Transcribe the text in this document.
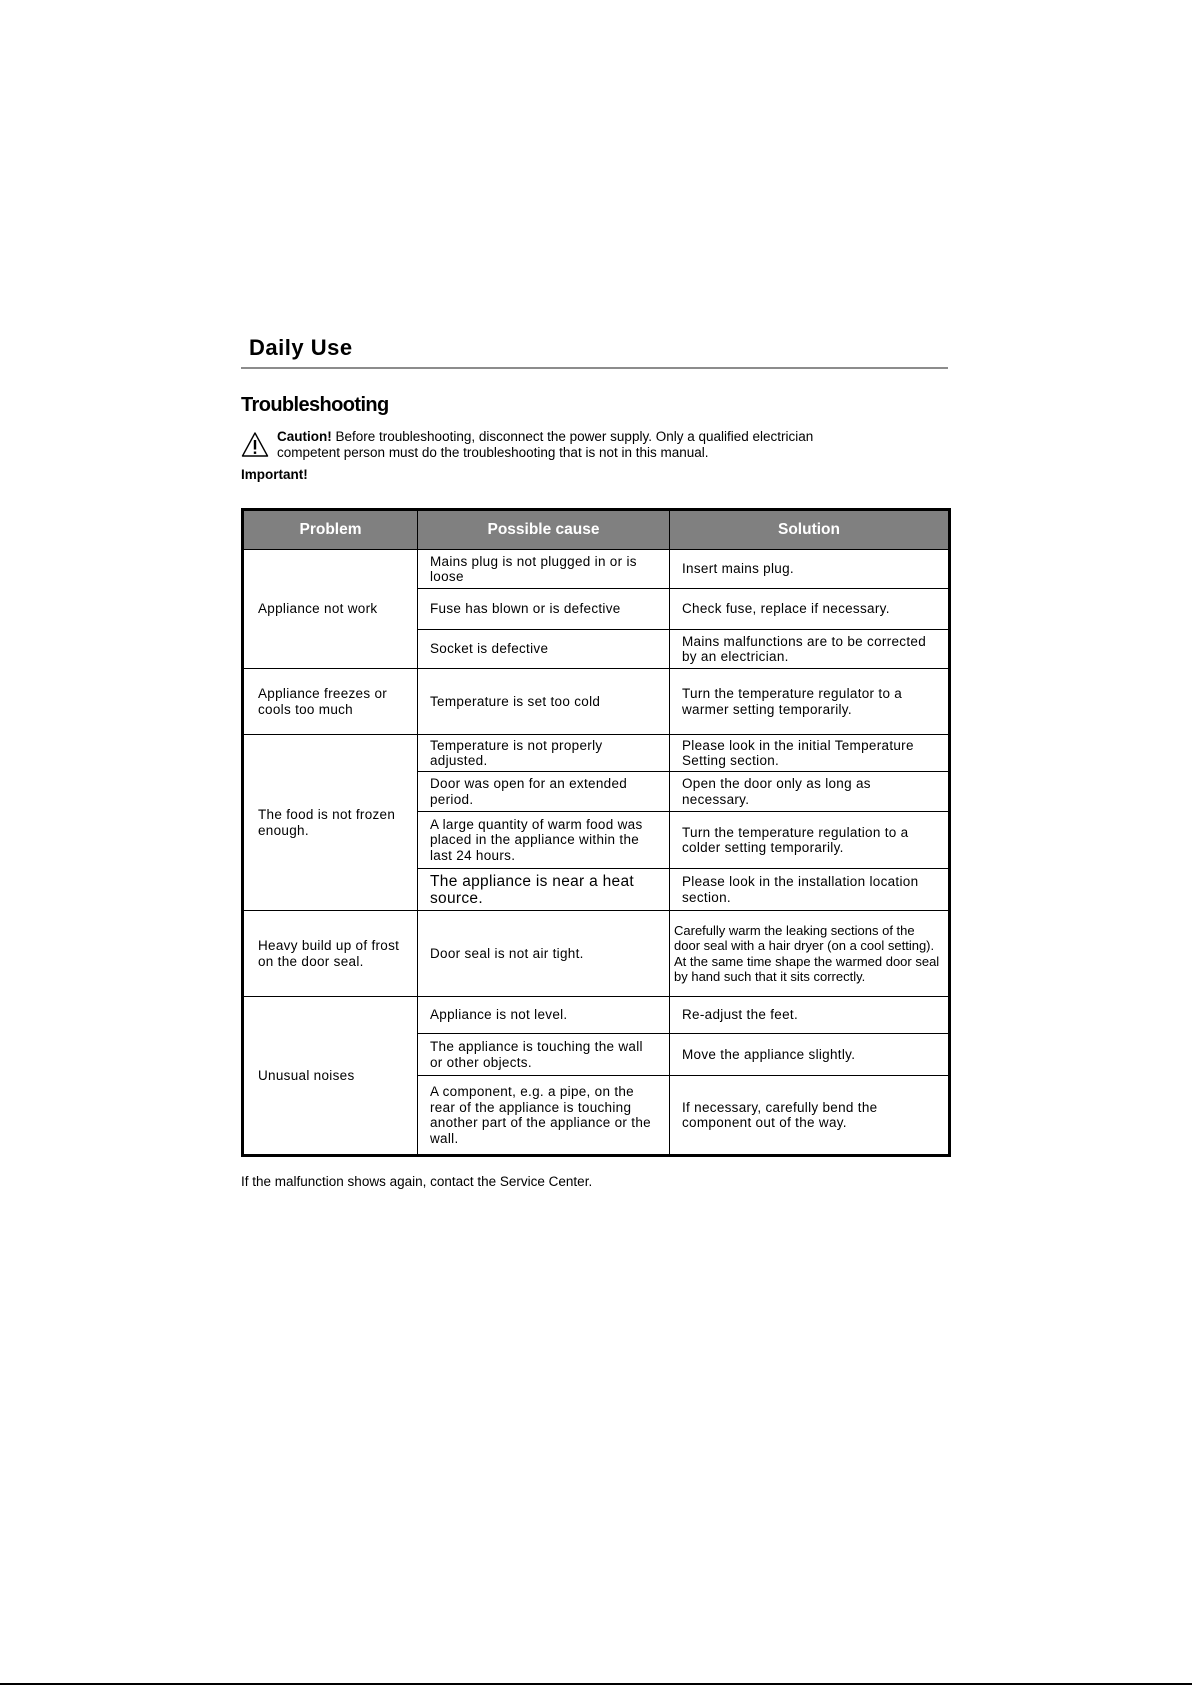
Daily Use
Troubleshooting
Caution! Before troubleshooting, disconnect the power supply. Only a qualified electrician
competent person must do the troubleshooting that is not in this manual.
Important!
Problem	Possible cause	Solution
Appliance not work	Mains plug is not plugged in or is loose	Insert mains plug.
	Fuse has blown or is defective	Check fuse, replace if necessary.
	Socket is defective	Mains malfunctions are to be corrected by an electrician.
Appliance freezes or cools too much	Temperature is set too cold	Turn the temperature regulator to a warmer setting temporarily.
The food is not frozen enough.	Temperature is not properly adjusted.	Please look in the initial Temperature Setting section.
	Door was open for an extended period.	Open the door only as long as necessary.
	A large quantity of warm food was placed in the appliance within the last 24 hours.	Turn the temperature regulation to a colder setting temporarily.
	The appliance is near a heat source.	Please look in the installation location section.
Heavy build up of frost on the door seal.	Door seal is not air tight.	Carefully warm the leaking sections of the door seal with a hair dryer (on a cool setting). At the same time shape the warmed door seal by hand such that it sits correctly.
Unusual noises	Appliance is not level.	Re-adjust the feet.
	The appliance is touching the wall or other objects.	Move the appliance slightly.
	A component, e.g. a pipe, on the rear of the appliance is touching another part of the appliance or the wall.	If necessary, carefully bend the component out of the way.
If the malfunction shows again, contact the Service Center.
